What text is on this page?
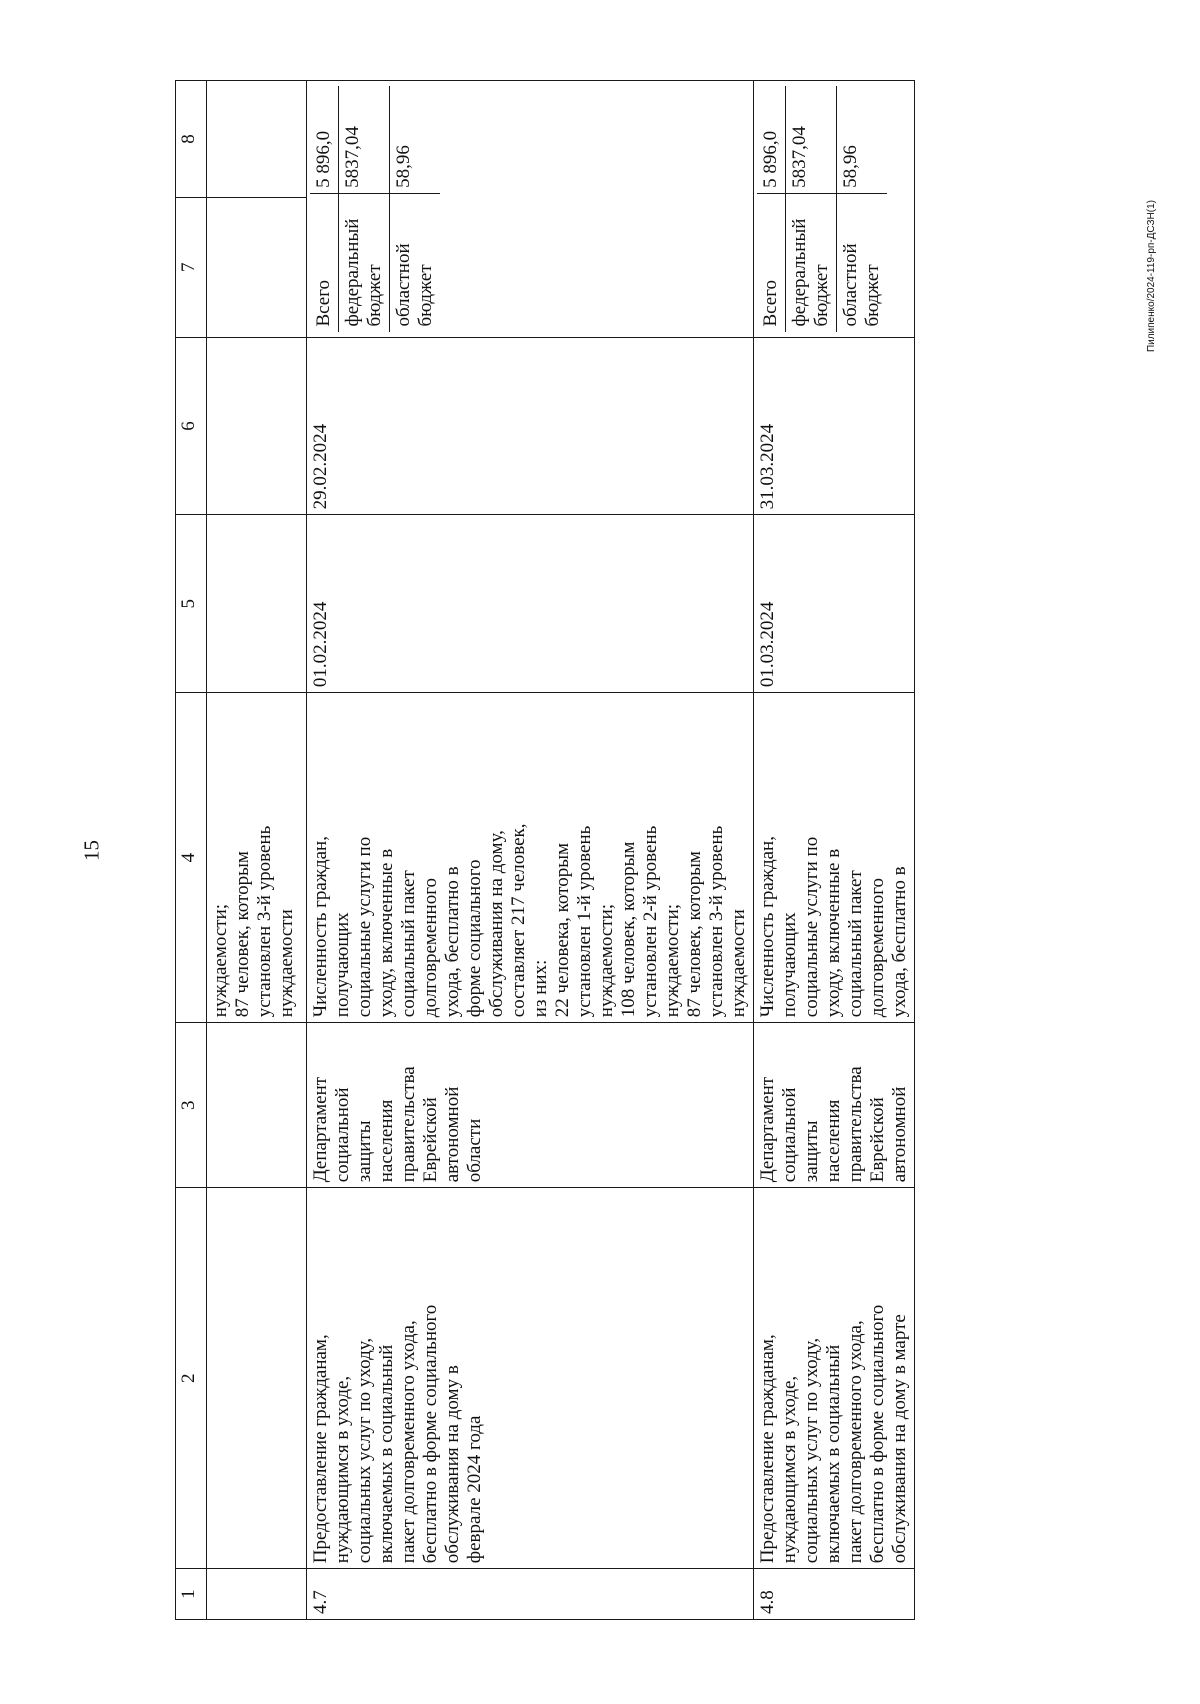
15
Пилипенко/2024-119-рп-ДСЗН(1)
1	2	3	4	5	6	7	8
			нуждаемости;
87 человек, которым
установлен 3-й уровень
нуждаемости				
4.7	Предоставление гражданам,
нуждающимся в уходе,
социальных услуг по уходу,
включаемых в социальный
пакет долговременного ухода,
бесплатно в форме социального
обслуживания на дому в
феврале 2024 года	Департамент
социальной
защиты
населения
правительства
Еврейской
автономной
области	Численность граждан,
получающих
социальные услуги по
уходу, включенные в
социальный пакет
долговременного
ухода, бесплатно в
форме социального
обслуживания на дому,
составляет 217 человек,
из них:
22 человека, которым
установлен 1-й уровень
нуждаемости;
108 человек, которым
установлен 2-й уровень
нуждаемости;
87 человек, которым
установлен 3-й уровень
нуждаемости	01.02.2024	29.02.2024	
Всего	5 896,0
федеральный
бюджет	5837,04
областной
бюджет	58,96

4.8	Предоставление гражданам,
нуждающимся в уходе,
социальных услуг по уходу,
включаемых в социальный
пакет долговременного ухода,
бесплатно в форме социального
обслуживания на дому в марте	Департамент
социальной
защиты
населения
правительства
Еврейской
автономной	Численность граждан,
получающих
социальные услуги по
уходу, включенные в
социальный пакет
долговременного
ухода, бесплатно в	01.03.2024	31.03.2024	
Всего	5 896,0
федеральный
бюджет	5837,04
областной
бюджет	58,96
